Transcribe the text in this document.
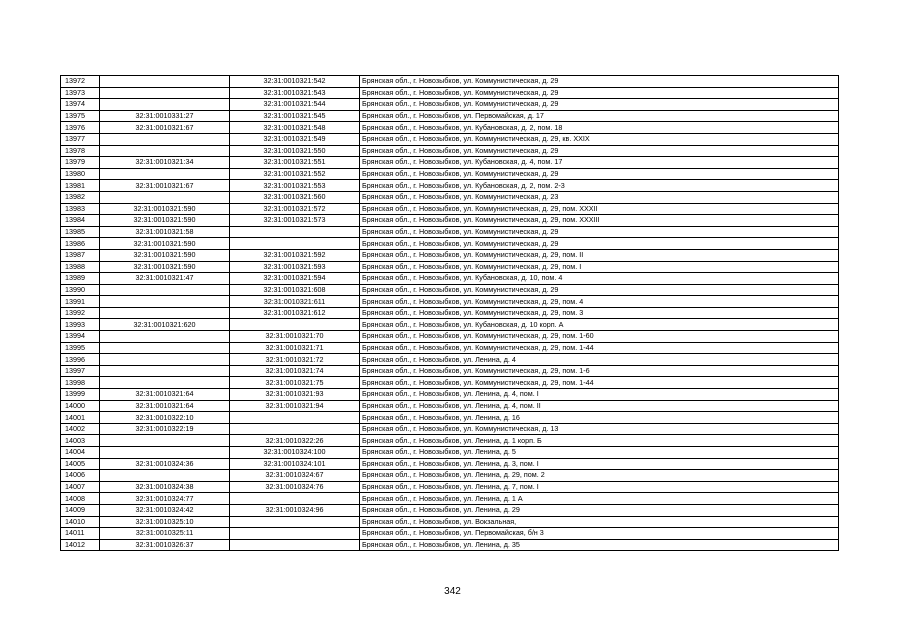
13972		32:31:0010321:542	Брянская обл., г. Новозыбков, ул. Коммунистическая, д. 29
13973		32:31:0010321:543	Брянская обл., г. Новозыбков, ул. Коммунистическая, д. 29
13974		32:31:0010321:544	Брянская обл., г. Новозыбков, ул. Коммунистическая, д. 29
13975	32:31:0010331:27	32:31:0010321:545	Брянская обл., г. Новозыбков, ул. Первомайская, д. 17
13976	32:31:0010321:67	32:31:0010321:548	Брянская обл., г. Новозыбков, ул. Кубановская, д. 2, пом. 18
13977		32:31:0010321:549	Брянская обл., г. Новозыбков, ул. Коммунистическая, д. 29, кв. XXIX
13978		32:31:0010321:550	Брянская обл., г. Новозыбков, ул. Коммунистическая, д. 29
13979	32:31:0010321:34	32:31:0010321:551	Брянская обл., г. Новозыбков, ул. Кубановская, д. 4, пом. 17
13980		32:31:0010321:552	Брянская обл., г. Новозыбков, ул. Коммунистическая, д. 29
13981	32:31:0010321:67	32:31:0010321:553	Брянская обл., г. Новозыбков, ул. Кубановская, д. 2, пом. 2-3
13982		32:31:0010321:560	Брянская обл., г. Новозыбков, ул. Коммунистическая, д. 23
13983	32:31:0010321:590	32:31:0010321:572	Брянская обл., г. Новозыбков, ул. Коммунистическая, д. 29, пом. XXXII
13984	32:31:0010321:590	32:31:0010321:573	Брянская обл., г. Новозыбков, ул. Коммунистическая, д. 29, пом. XXXIII
13985	32:31:0010321:58		Брянская обл., г. Новозыбков, ул. Коммунистическая, д. 29
13986	32:31:0010321:590		Брянская обл., г. Новозыбков, ул. Коммунистическая, д. 29
13987	32:31:0010321:590	32:31:0010321:592	Брянская обл., г. Новозыбков, ул. Коммунистическая, д. 29, пом. II
13988	32:31:0010321:590	32:31:0010321:593	Брянская обл., г. Новозыбков, ул. Коммунистическая, д. 29, пом. I
13989	32:31:0010321:47	32:31:0010321:594	Брянская обл., г. Новозыбков, ул. Кубановская, д. 10, пом. 4
13990		32:31:0010321:608	Брянская обл., г. Новозыбков, ул. Коммунистическая, д. 29
13991		32:31:0010321:611	Брянская обл., г. Новозыбков, ул. Коммунистическая, д. 29, пом. 4
13992		32:31:0010321:612	Брянская обл., г. Новозыбков, ул. Коммунистическая, д. 29, пом. 3
13993	32:31:0010321:620		Брянская обл., г. Новозыбков, ул. Кубановская, д. 10 корп. А
13994		32:31:0010321:70	Брянская обл., г. Новозыбков, ул. Коммунистическая, д. 29, пом. 1-60
13995		32:31:0010321:71	Брянская обл., г. Новозыбков, ул. Коммунистическая, д. 29, пом. 1-44
13996		32:31:0010321:72	Брянская обл., г. Новозыбков, ул. Ленина, д. 4
13997		32:31:0010321:74	Брянская обл., г. Новозыбков, ул. Коммунистическая, д. 29, пом. 1-6
13998		32:31:0010321:75	Брянская обл., г. Новозыбков, ул. Коммунистическая, д. 29, пом. 1-44
13999	32:31:0010321:64	32:31:0010321:93	Брянская обл., г. Новозыбков, ул. Ленина, д. 4, пом. I
14000	32:31:0010321:64	32:31:0010321:94	Брянская обл., г. Новозыбков, ул. Ленина, д. 4, пом. II
14001	32:31:0010322:10		Брянская обл., г. Новозыбков, ул. Ленина, д. 16
14002	32:31:0010322:19		Брянская обл., г. Новозыбков, ул. Коммунистическая, д. 13
14003		32:31:0010322:26	Брянская обл., г. Новозыбков, ул. Ленина, д. 1 корп. Б
14004		32:31:0010324:100	Брянская обл., г. Новозыбков, ул. Ленина, д. 5
14005	32:31:0010324:36	32:31:0010324:101	Брянская обл., г. Новозыбков, ул. Ленина, д. 3, пом. I
14006		32:31:0010324:67	Брянская обл., г. Новозыбков, ул. Ленина, д. 29, пом. 2
14007	32:31:0010324:38	32:31:0010324:76	Брянская обл., г. Новозыбков, ул. Ленина, д. 7, пом. I
14008	32:31:0010324:77		Брянская обл., г. Новозыбков, ул. Ленина, д. 1 А
14009	32:31:0010324:42	32:31:0010324:96	Брянская обл., г. Новозыбков, ул. Ленина, д. 29
14010	32:31:0010325:10		Брянская обл., г. Новозыбков, ул. Вокзальная,
14011	32:31:0010325:11		Брянская обл., г. Новозыбков, ул. Первомайская, б/н 3
14012	32:31:0010326:37		Брянская обл., г. Новозыбков, ул. Ленина, д. 35
342
